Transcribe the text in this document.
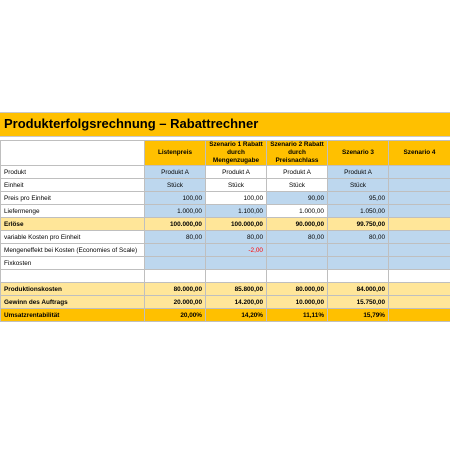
Produkterfolgsrechnung – Rabattrechner
	Listenpreis	Szenario 1 Rabatt durch Mengenzugabe	Szenario 2 Rabatt durch Preisnachlass	Szenario 3	Szenario 4
Produkt	Produkt A	Produkt A	Produkt A	Produkt A	
Einheit	Stück	Stück	Stück	Stück	
Preis pro Einheit	100,00	100,00	90,00	95,00	
Liefermenge	1.000,00	1.100,00	1.000,00	1.050,00	
Erlöse	100.000,00	100.000,00	90.000,00	99.750,00	
variable Kosten pro Einheit	80,00	80,00	80,00	80,00	
Mengeneffekt bei Kosten (Economies of Scale)		-2,00			
Fixkosten					

Produktionskosten	80.000,00	85.800,00	80.000,00	84.000,00	
Gewinn des Auftrags	20.000,00	14.200,00	10.000,00	15.750,00	
Umsatzrentabilität	20,00%	14,20%	11,11%	15,79%	
